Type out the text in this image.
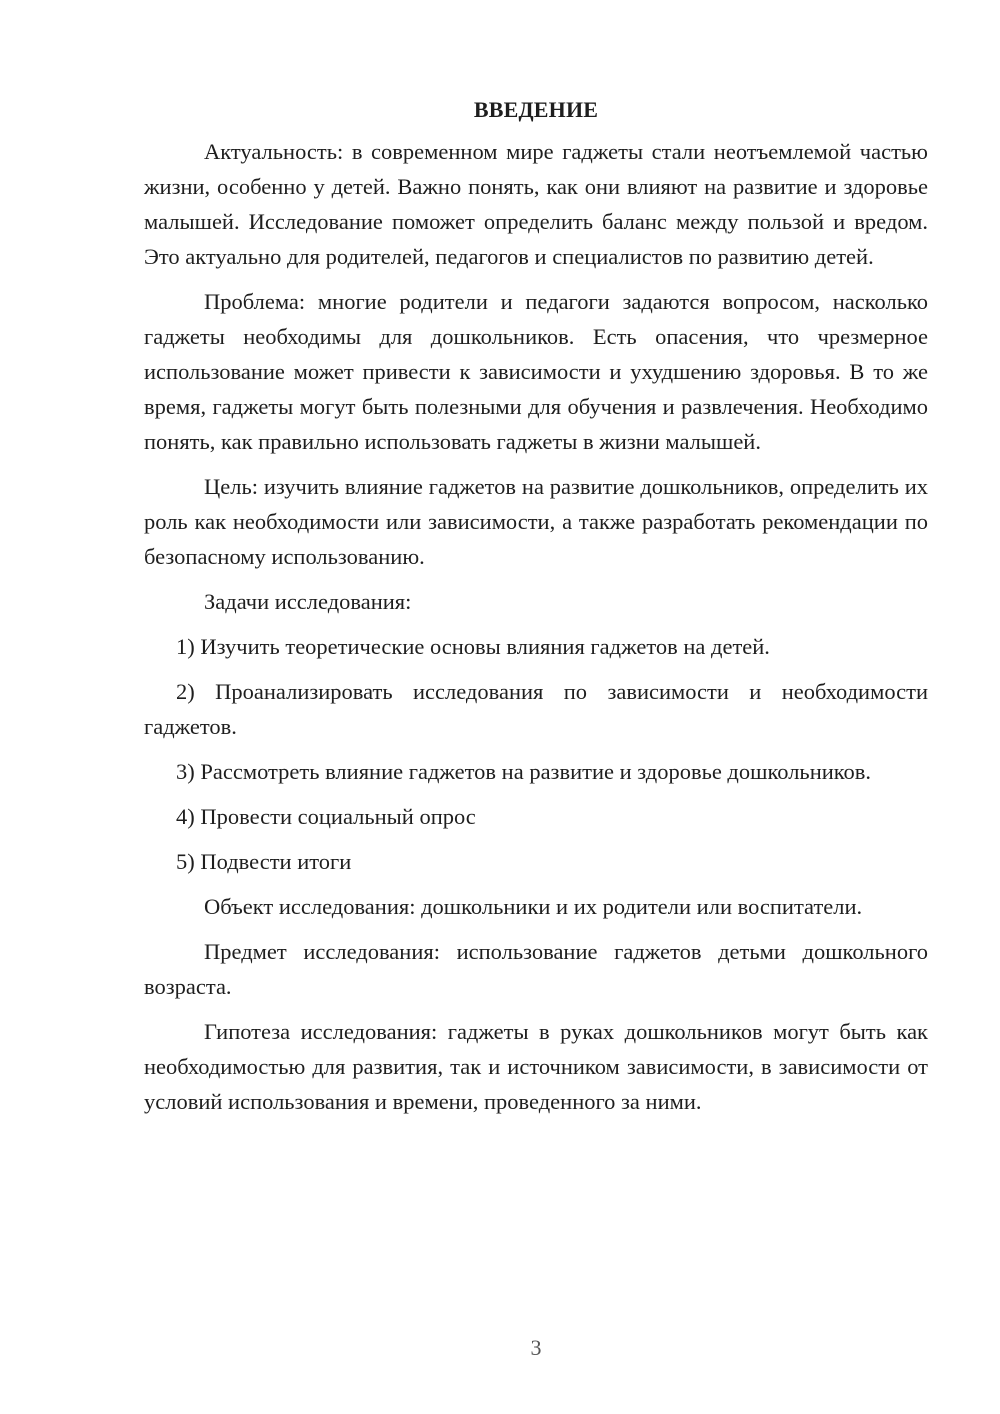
ВВЕДЕНИЕ

Актуальность: в современном мире гаджеты стали неотъемлемой частью жизни, особенно у детей. Важно понять, как они влияют на развитие и здоровье малышей. Исследование поможет определить баланс между пользой и вредом. Это актуально для родителей, педагогов и специалистов по развитию детей.

Проблема: многие родители и педагоги задаются вопросом, насколько гаджеты необходимы для дошкольников. Есть опасения, что чрезмерное использование может привести к зависимости и ухудшению здоровья. В то же время, гаджеты могут быть полезными для обучения и развлечения. Необходимо понять, как правильно использовать гаджеты в жизни малышей.

Цель: изучить влияние гаджетов на развитие дошкольников, определить их роль как необходимости или зависимости, а также разработать рекомендации по безопасному использованию.

Задачи исследования:

1) Изучить теоретические основы влияния гаджетов на детей.

2) Проанализировать исследования по зависимости и необходимости гаджетов.

3) Рассмотреть влияние гаджетов на развитие и здоровье дошкольников.

4) Провести социальный опрос

5) Подвести итоги

Объект исследования: дошкольники и их родители или воспитатели.

Предмет исследования: использование гаджетов детьми дошкольного возраста.

Гипотеза исследования: гаджеты в руках дошкольников могут быть как необходимостью для развития, так и источником зависимости, в зависимости от условий использования и времени, проведенного за ними.

3
